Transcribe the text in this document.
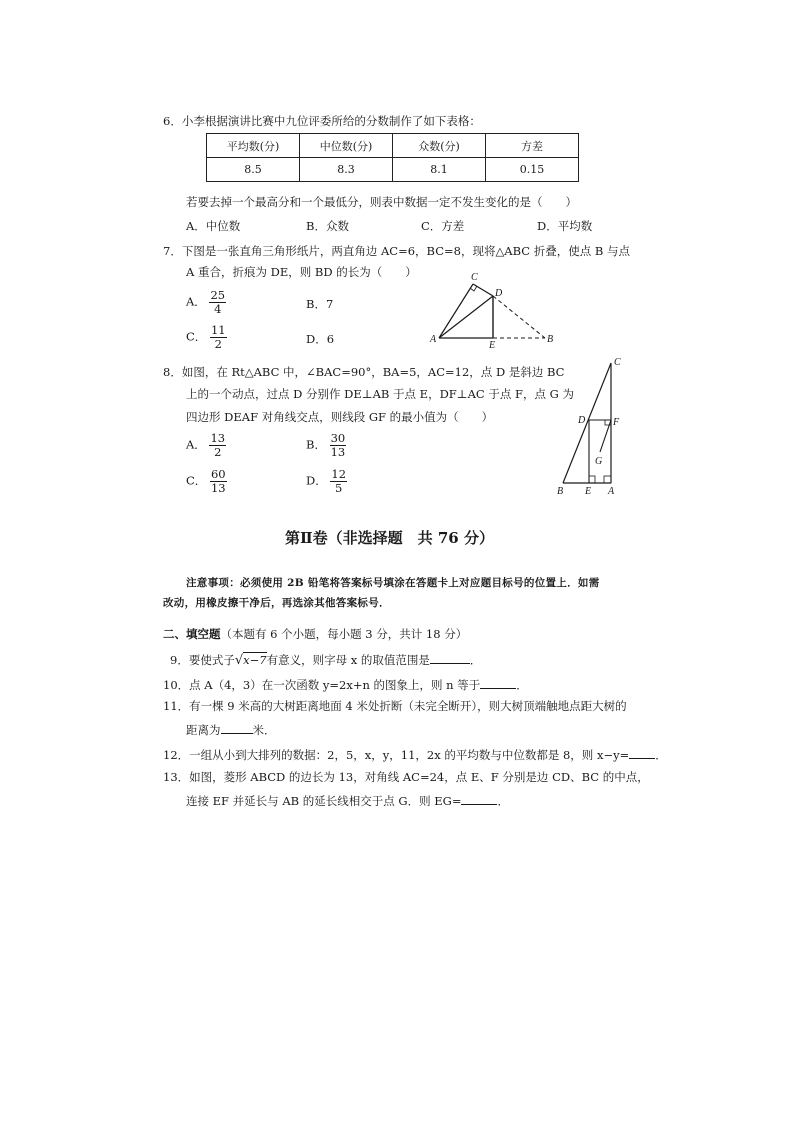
6．小李根据演讲比赛中九位评委所给的分数制作了如下表格：
平均数(分)	中位数(分)	众数(分)	方差
8.5	8.3	8.1	0.15
若要去掉一个最高分和一个最低分，则表中数据一定不发生变化的是（　　）
A．中位数	B．众数	C．方差	D．平均数
7．下图是一张直角三角形纸片，两直角边 AC=6，BC=8，现将△ABC 折叠，使点 B 与点
A 重合，折痕为 DE，则 BD 的长为（　　）
A． $\frac{25}{4}$	B．7
C． $\frac{11}{2}$	D．6
C
D
A
E
B
8．如图，在 Rt△ABC 中，∠BAC=90°，BA=5，AC=12，点 D 是斜边 BC
上的一个动点，过点 D 分别作 DE⊥AB 于点 E，DF⊥AC 于点 F，点 G 为
四边形 DEAF 对角线交点，则线段 GF 的最小值为（　　）
A． $\frac{13}{2}$	B． $\frac{30}{13}$
C． $\frac{60}{13}$	D． $\frac{12}{5}$
C
D	F
G
B E A
第Ⅱ卷（非选择题　共 76 分）
注意事项：必须使用 2B 铅笔将答案标号填涂在答题卡上对应题目标号的位置上．如需
改动，用橡皮擦干净后，再选涂其他答案标号．
二、填空题（本题有 6 个小题，每小题 3 分，共计 18 分）
9．要使式子√x−7有意义，则字母 x 的取值范围是	．
10．点 A（4，3）在一次函数 y=2x+n 的图象上，则 n 等于	．
11．有一棵 9 米高的大树距离地面 4 米处折断（未完全断开），则大树顶端触地点距大树的
距离为	米．
12．一组从小到大排列的数据：2，5，x，y，11，2x 的平均数与中位数都是 8，则 x−y= ．
13．如图，菱形 ABCD 的边长为 13，对角线 AC=24，点 E、F 分别是边 CD、BC 的中点，
连接 EF 并延长与 AB 的延长线相交于点 G．则 EG=	．
